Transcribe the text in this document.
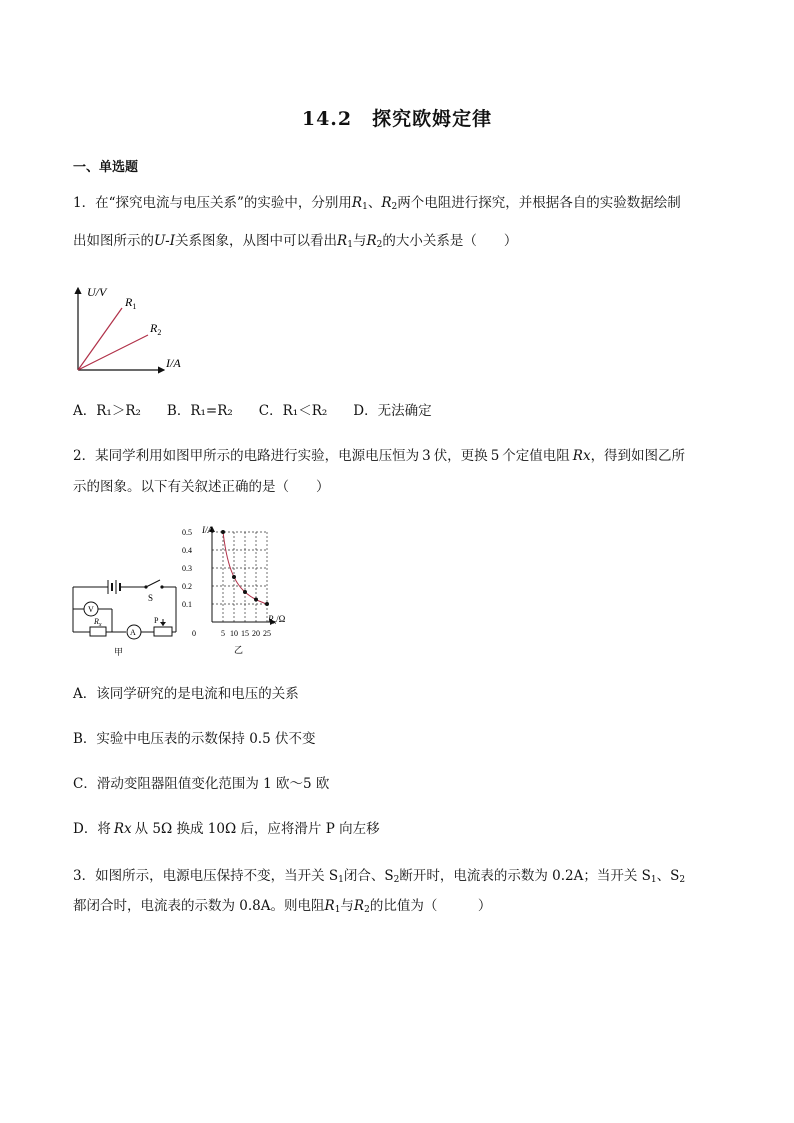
14.2 探究欧姆定律
一、单选题
1．在“探究电流与电压关系”的实验中，分别用$R_1$、$R_2$两个电阻进行探究，并根据各自的实验数据绘制
出如图所示的U-I关系图象，从图中可以看出$R_1$与$R_2$的大小关系是（　　）
U/V
I/A
$R_1$
$R_2$
A．R₁＞R₂ B．R₁=R₂ C．R₁＜R₂ D．无法确定
2．某同学利用如图甲所示的电路进行实验，电源电压恒为 3 伏，更换 5 个定值电阻 Rx，得到如图乙所
示的图象。以下有关叙述正确的是（　　）
S
V
A
$R_x$	P
甲
0.5
0.4
0.3
0.2
0.1
0	5 10 15 20 25
I/A
$R_x/\Omega$
乙
A．该同学研究的是电流和电压的关系
B．实验中电压表的示数保持 0.5 伏不变
C．滑动变阻器阻值变化范围为 1 欧～5 欧
D．将 Rx 从 5Ω 换成 10Ω 后，应将滑片 P 向左移
3．如图所示，电源电压保持不变，当开关 $S_1$闭合、$S_2$断开时，电流表的示数为 0.2A；当开关 $S_1$、$S_2$
都闭合时，电流表的示数为 0.8A。则电阻$R_1$与$R_2$的比值为（　　　）
